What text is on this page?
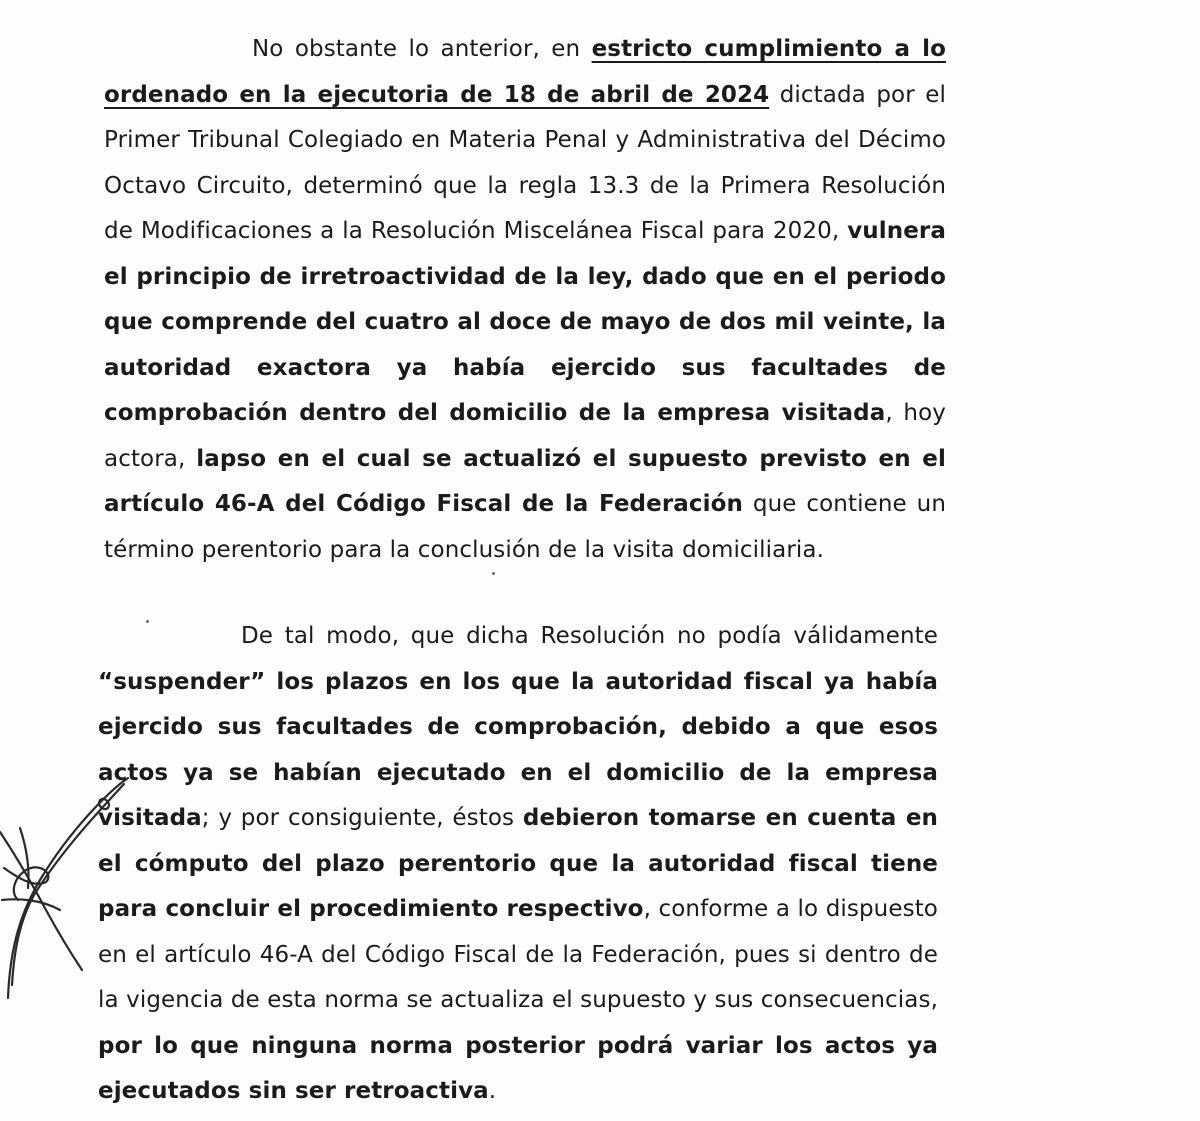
No obstante lo anterior, en estricto cumplimiento a lo ordenado en la ejecutoria de 18 de abril de 2024 dictada por el Primer Tribunal Colegiado en Materia Penal y Administrativa del Décimo Octavo Circuito, determinó que la regla 13.3 de la Primera Resolución de Modificaciones a la Resolución Miscelánea Fiscal para 2020, vulnera el principio de irretroactividad de la ley, dado que en el periodo que comprende del cuatro al doce de mayo de dos mil veinte, la autoridad exactora ya había ejercido sus facultades de comprobación dentro del domicilio de la empresa visitada, hoy actora, lapso en el cual se actualizó el supuesto previsto en el artículo 46-A del Código Fiscal de la Federación que contiene un término perentorio para la conclusión de la visita domiciliaria.

De tal modo, que dicha Resolución no podía válidamente “suspender” los plazos en los que la autoridad fiscal ya había ejercido sus facultades de comprobación, debido a que esos actos ya se habían ejecutado en el domicilio de la empresa visitada; y por consiguiente, éstos debieron tomarse en cuenta en el cómputo del plazo perentorio que la autoridad fiscal tiene para concluir el procedimiento respectivo, conforme a lo dispuesto en el artículo 46-A del Código Fiscal de la Federación, pues si dentro de la vigencia de esta norma se actualiza el supuesto y sus consecuencias, por lo que ninguna norma posterior podrá variar los actos ya ejecutados sin ser retroactiva.
